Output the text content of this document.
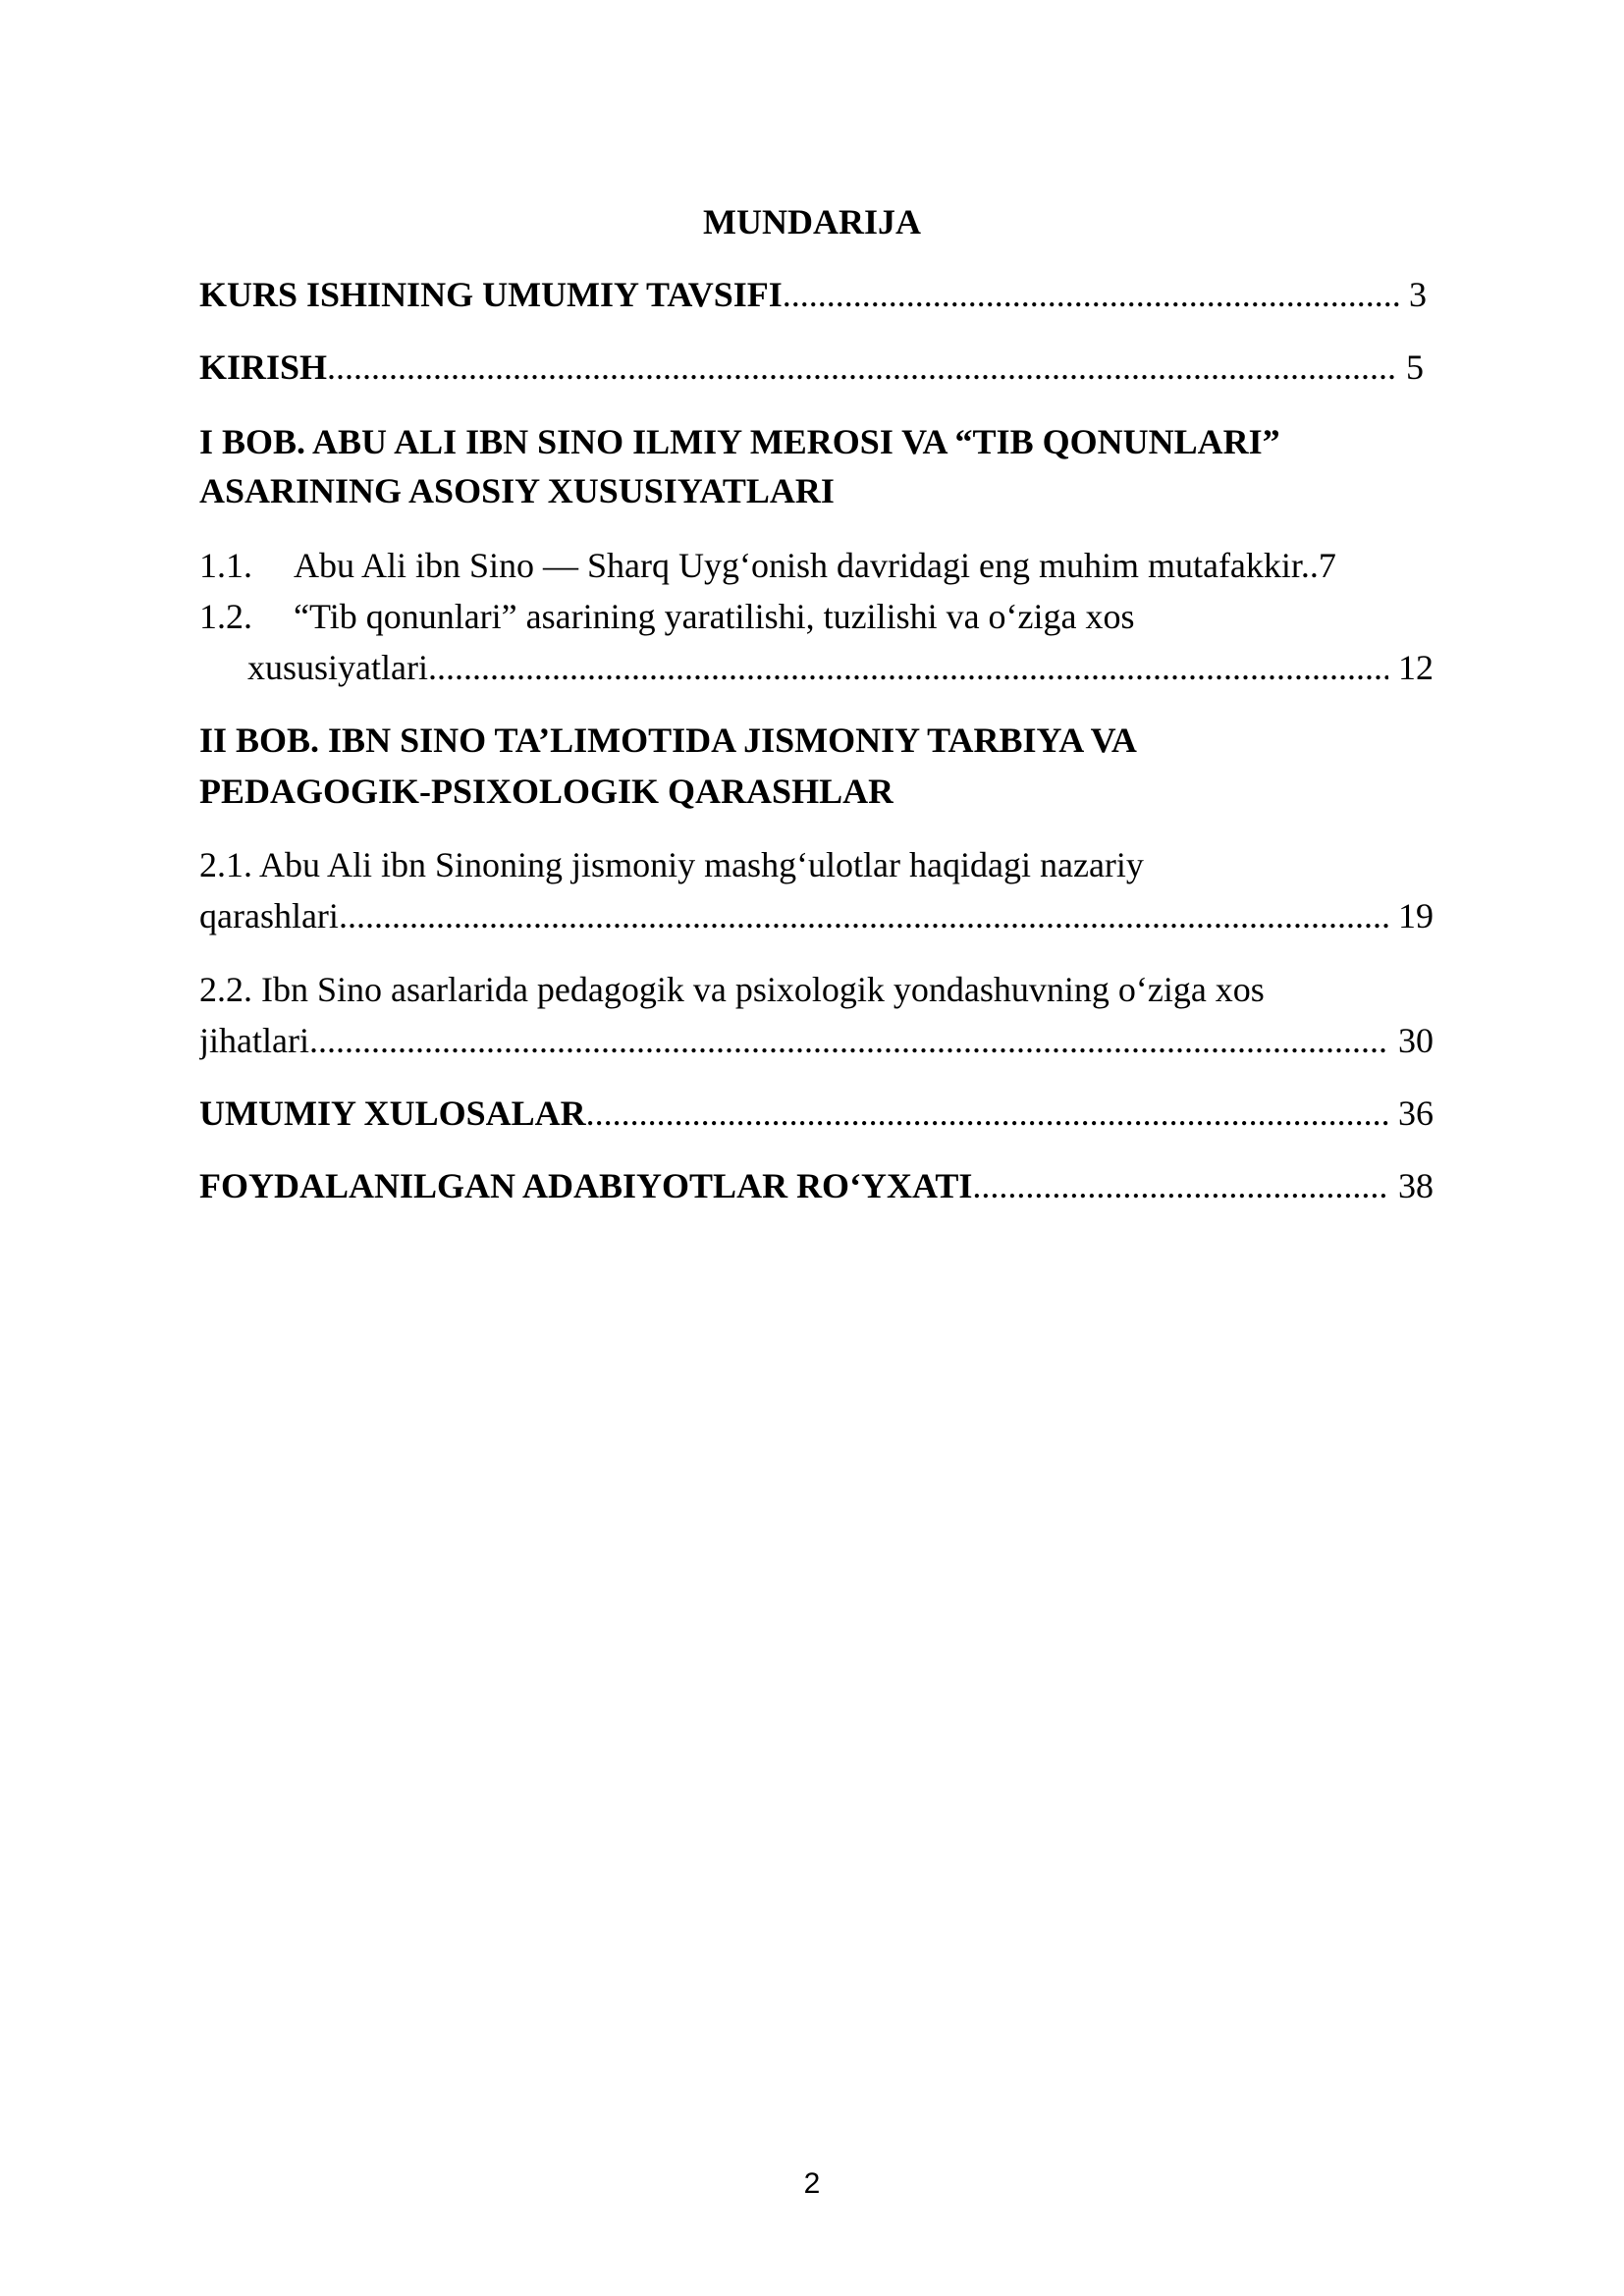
MUNDARIJA
KURS ISHINING UMUMIY TAVSIFI .....	3
KIRISH .....	5
I BOB. ABU ALI IBN SINO ILMIY MEROSI VA “TIB QONUNLARI”
ASARINING ASOSIY XUSUSIYATLARI
1.1. Abu Ali ibn Sino — Sharq Uyg‘onish davridagi eng muhim mutafakkir..7
1.2. “Tib qonunlari” asarining yaratilishi, tuzilishi va o‘ziga xos
xususiyatlari .....	12
II BOB. IBN SINO TA’LIMOTIDA JISMONIY TARBIYA VA
PEDAGOGIK-PSIXOLOGIK QARASHLAR
2.1. Abu Ali ibn Sinoning jismoniy mashg‘ulotlar haqidagi nazariy
qarashlari .....	19
2.2. Ibn Sino asarlarida pedagogik va psixologik yondashuvning o‘ziga xos
jihatlari .....	30
UMUMIY XULOSALAR .....	36
FOYDALANILGAN ADABIYOTLAR RO‘YXATI .....	38
2
